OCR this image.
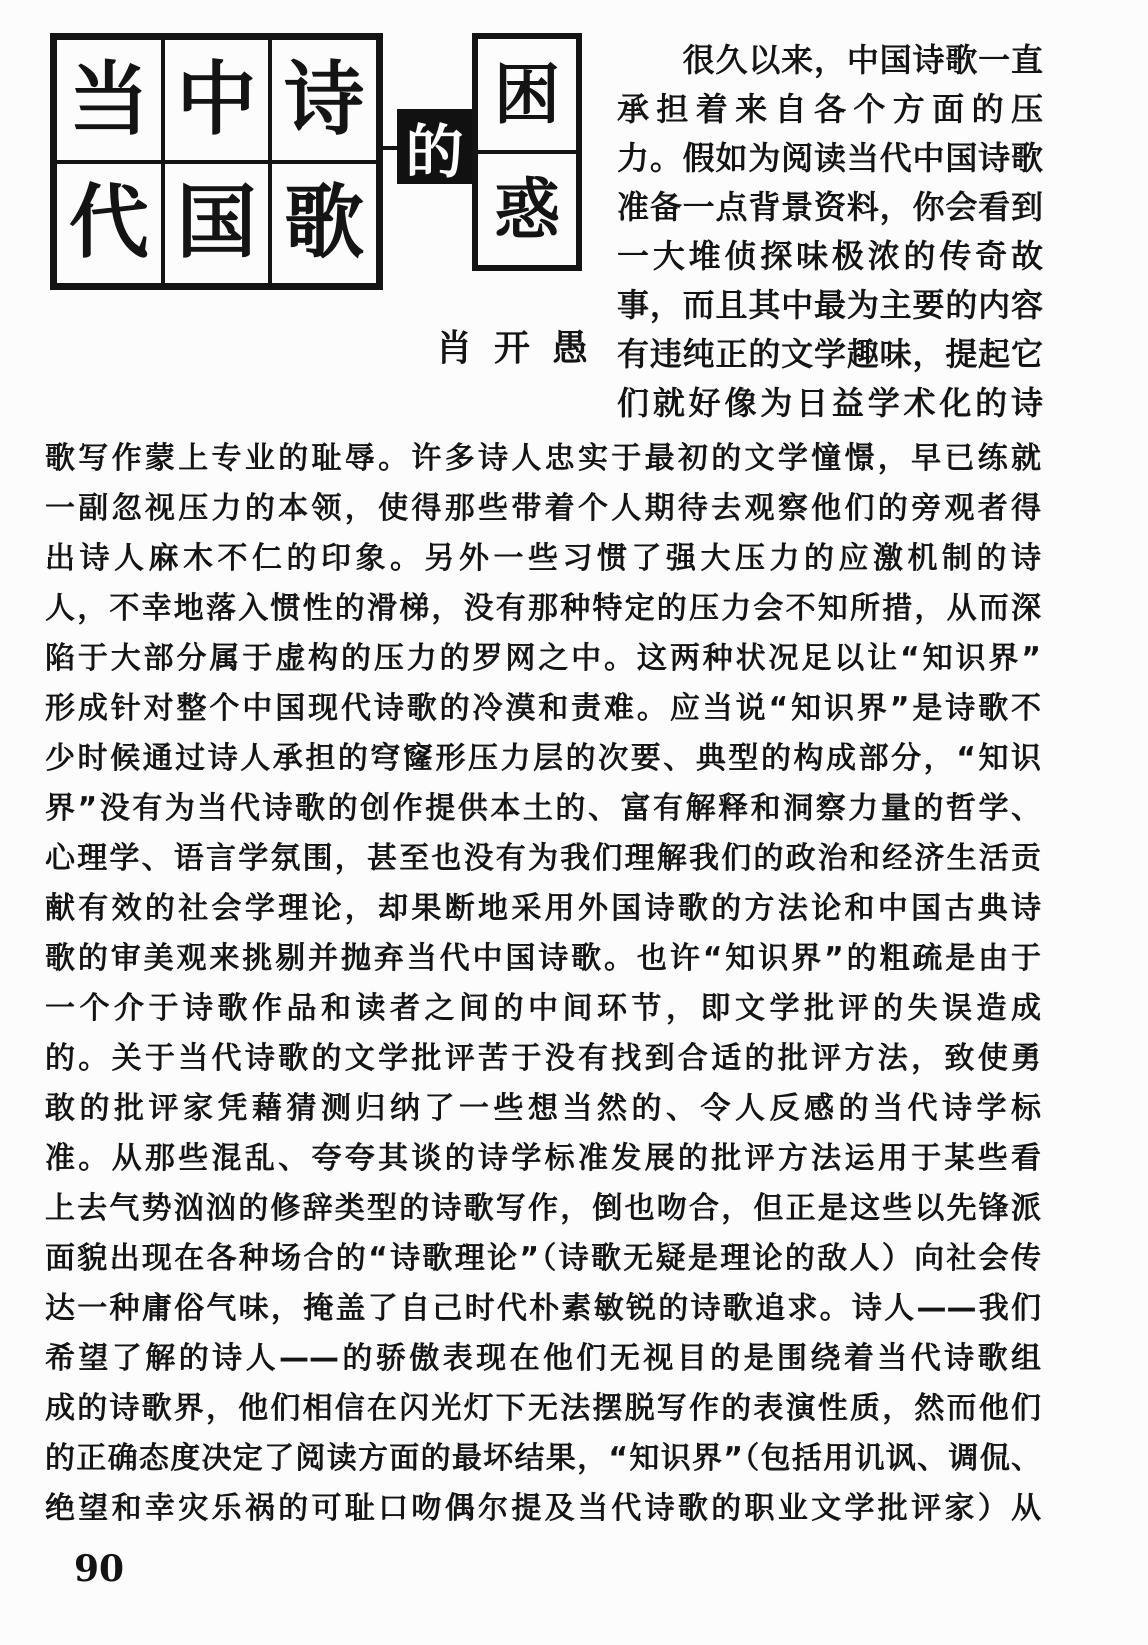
当 中 诗
代 国 歌
的
困
惑
肖开愚
　　很久以来，中国诗歌一直
承担着来自各个方面的压
力。假如为阅读当代中国诗歌
准备一点背景资料，你会看到
一大堆侦探味极浓的传奇故
事，而且其中最为主要的内容
有违纯正的文学趣味，提起它
们就好像为日益学术化的诗
歌写作蒙上专业的耻辱。许多诗人忠实于最初的文学憧憬，早已练就
一副忽视压力的本领，使得那些带着个人期待去观察他们的旁观者得
出诗人麻木不仁的印象。另外一些习惯了强大压力的应激机制的诗
人，不幸地落入惯性的滑梯，没有那种特定的压力会不知所措，从而深
陷于大部分属于虚构的压力的罗网之中。这两种状况足以让“知识界”
形成针对整个中国现代诗歌的冷漠和责难。应当说“知识界”是诗歌不
少时候通过诗人承担的穹窿形压力层的次要、典型的构成部分，“知识
界”没有为当代诗歌的创作提供本土的、富有解释和洞察力量的哲学、
心理学、语言学氛围，甚至也没有为我们理解我们的政治和经济生活贡
献有效的社会学理论，却果断地采用外国诗歌的方法论和中国古典诗
歌的审美观来挑剔并抛弃当代中国诗歌。也许“知识界”的粗疏是由于
一个介于诗歌作品和读者之间的中间环节，即文学批评的失误造成
的。关于当代诗歌的文学批评苦于没有找到合适的批评方法，致使勇
敢的批评家凭藉猜测归纳了一些想当然的、令人反感的当代诗学标
准。从那些混乱、夸夸其谈的诗学标准发展的批评方法运用于某些看
上去气势汹汹的修辞类型的诗歌写作，倒也吻合，但正是这些以先锋派
面貌出现在各种场合的“诗歌理论”（诗歌无疑是理论的敌人）向社会传
达一种庸俗气味，掩盖了自己时代朴素敏锐的诗歌追求。诗人——我们
希望了解的诗人——的骄傲表现在他们无视目的是围绕着当代诗歌组
成的诗歌界，他们相信在闪光灯下无法摆脱写作的表演性质，然而他们
的正确态度决定了阅读方面的最坏结果，“知识界”（包括用讥讽、调侃、
绝望和幸灾乐祸的可耻口吻偶尔提及当代诗歌的职业文学批评家）从
90
